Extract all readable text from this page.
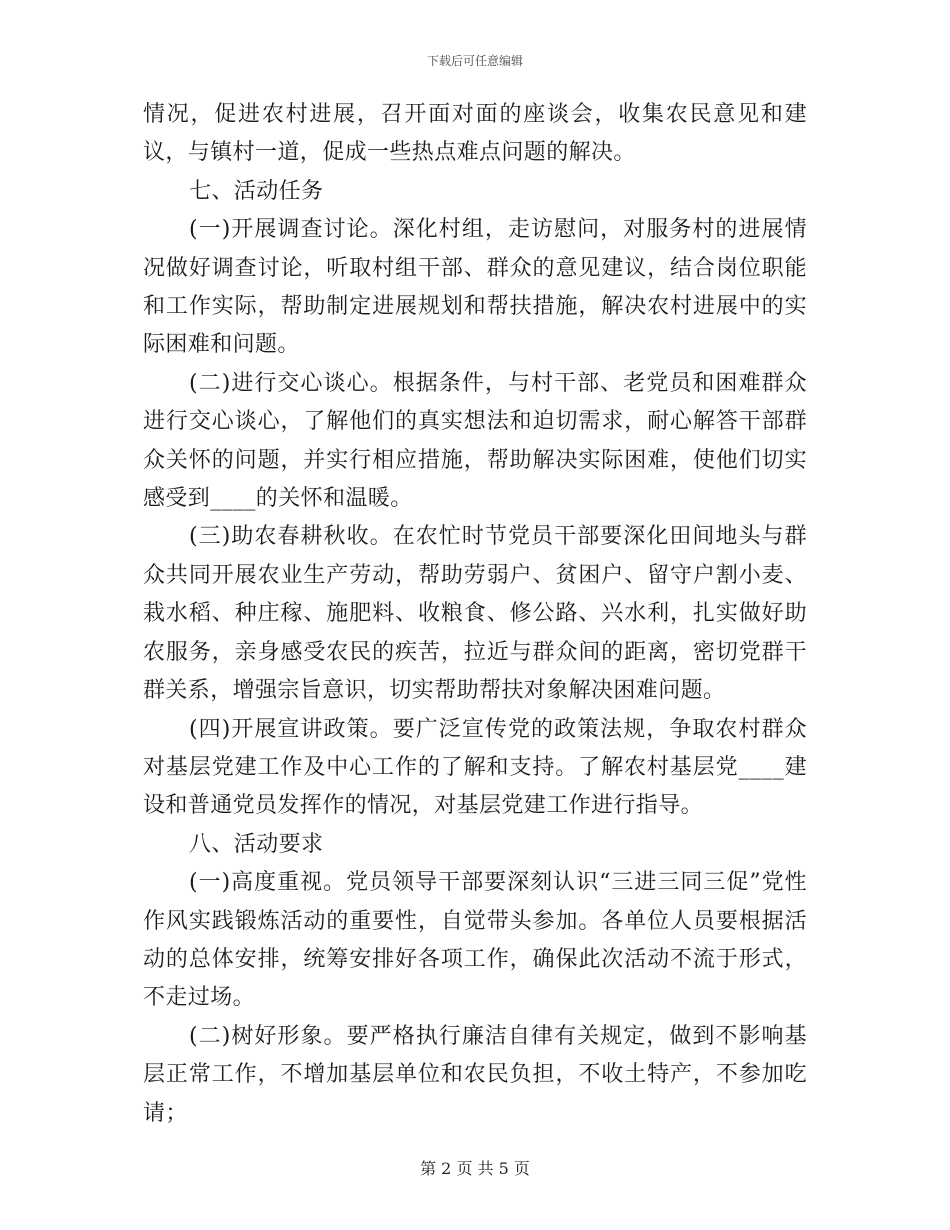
下载后可任意编辑

情况，促进农村进展，召开面对面的座谈会，收集农民意见和建议，与镇村一道，促成一些热点难点问题的解决。

七、活动任务

(一)开展调查讨论。深化村组，走访慰问，对服务村的进展情况做好调查讨论，听取村组干部、群众的意见建议，结合岗位职能和工作实际，帮助制定进展规划和帮扶措施，解决农村进展中的实际困难和问题。

(二)进行交心谈心。根据条件，与村干部、老党员和困难群众进行交心谈心，了解他们的真实想法和迫切需求，耐心解答干部群众关怀的问题，并实行相应措施，帮助解决实际困难，使他们切实感受到____的关怀和温暖。

(三)助农春耕秋收。在农忙时节党员干部要深化田间地头与群众共同开展农业生产劳动，帮助劳弱户、贫困户、留守户割小麦、栽水稻、种庄稼、施肥料、收粮食、修公路、兴水利，扎实做好助农服务，亲身感受农民的疾苦，拉近与群众间的距离，密切党群干群关系，增强宗旨意识，切实帮助帮扶对象解决困难问题。

(四)开展宣讲政策。要广泛宣传党的政策法规，争取农村群众对基层党建工作及中心工作的了解和支持。了解农村基层党____建设和普通党员发挥作的情况，对基层党建工作进行指导。

八、活动要求

(一)高度重视。党员领导干部要深刻认识“三进三同三促”党性作风实践锻炼活动的重要性，自觉带头参加。各单位人员要根据活动的总体安排，统筹安排好各项工作，确保此次活动不流于形式，不走过场。

(二)树好形象。要严格执行廉洁自律有关规定，做到不影响基层正常工作，不增加基层单位和农民负担，不收土特产，不参加吃请；

第 2 页 共 5 页
